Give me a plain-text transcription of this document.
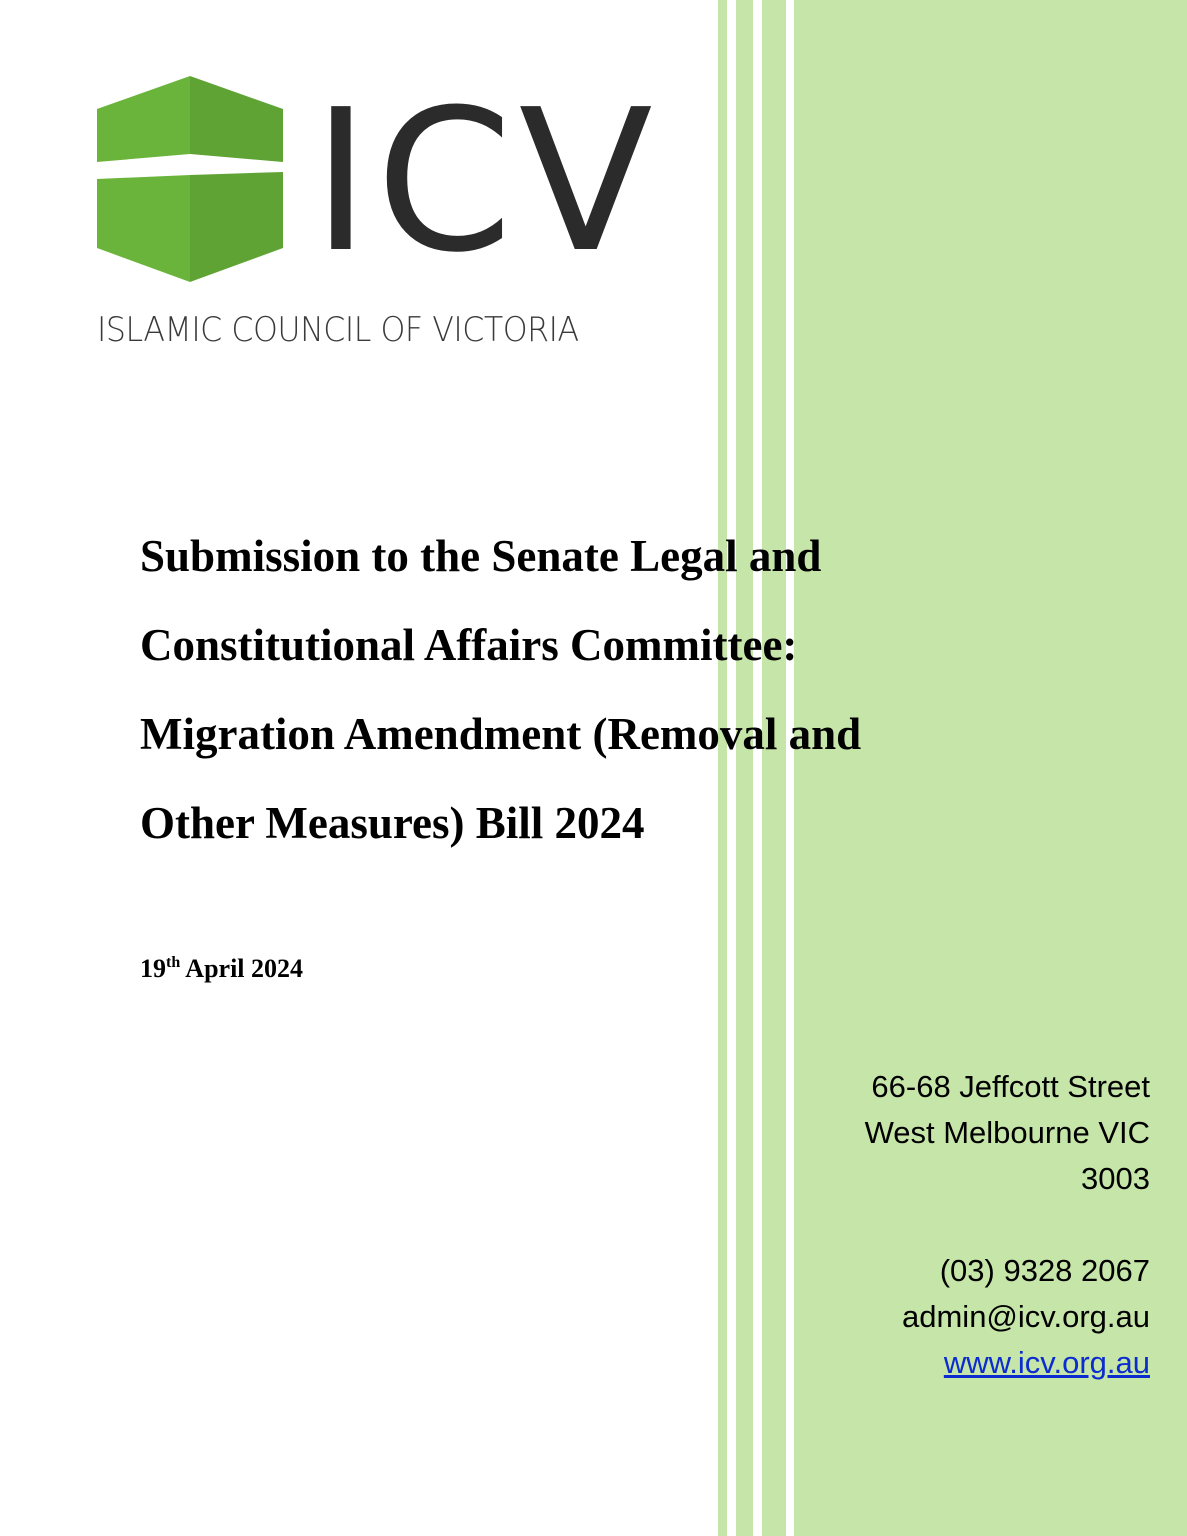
ICV
ISLAMIC COUNCIL OF VICTORIA
Submission to the Senate Legal and
Constitutional Affairs Committee:
Migration Amendment (Removal and
Other Measures) Bill 2024
19th April 2024
66-68 Jeffcott Street
West Melbourne VIC
3003
(03) 9328 2067
admin@icv.org.au
www.icv.org.au
